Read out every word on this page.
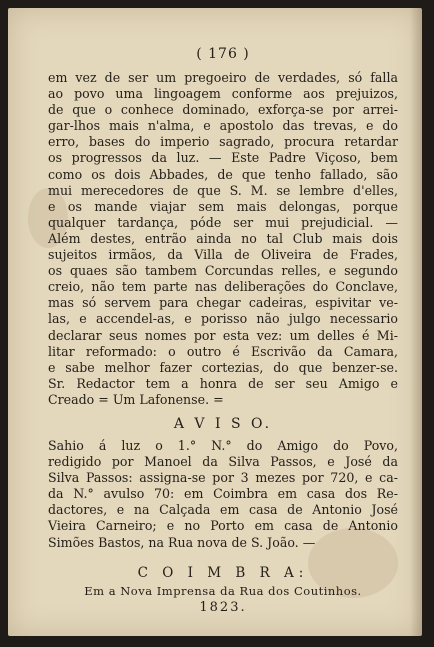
( 176 )
em vez de ser um pregoeiro de verdades, só falla
ao povo uma lingoagem conforme aos prejuizos,
de que o conhece dominado, exforça-se por arrei-
gar-lhos mais n'alma, e apostolo das trevas, e do
erro, bases do imperio sagrado, procura retardar
os progressos da luz. — Este Padre Viçoso, bem
como os dois Abbades, de que tenho fallado, são
mui merecedores de que S. M. se lembre d'elles,
e os mande viajar sem mais delongas, porque
qualquer tardança, póde ser mui prejudicial. —
Além destes, entrão ainda no tal Club mais dois
sujeitos irmãos, da Villa de Oliveira de Frades,
os quaes são tambem Corcundas relles, e segundo
creio, não tem parte nas deliberações do Conclave,
mas só servem para chegar cadeiras, espivitar ve-
las, e accendel-as, e porisso não julgo necessario
declarar seus nomes por esta vez: um delles é Mi-
litar reformado: o outro é Escrivão da Camara,
e sabe melhor fazer cortezias, do que benzer-se.
Sr. Redactor tem a honra de ser seu Amigo e
Creado = Um Lafonense. =
A V I S O.
Sahio á luz o 1.° N.° do Amigo do Povo,
redigido por Manoel da Silva Passos, e José da
Silva Passos: assigna-se por 3 mezes por 720, e ca-
da N.° avulso 70: em Coimbra em casa dos Re-
dactores, e na Calçada em casa de Antonio José
Vieira Carneiro; e no Porto em casa de Antonio
Simões Bastos, na Rua nova de S. João. —
C O I M B R A:
Em a Nova Imprensa da Rua dos Coutinhos.
1823.
